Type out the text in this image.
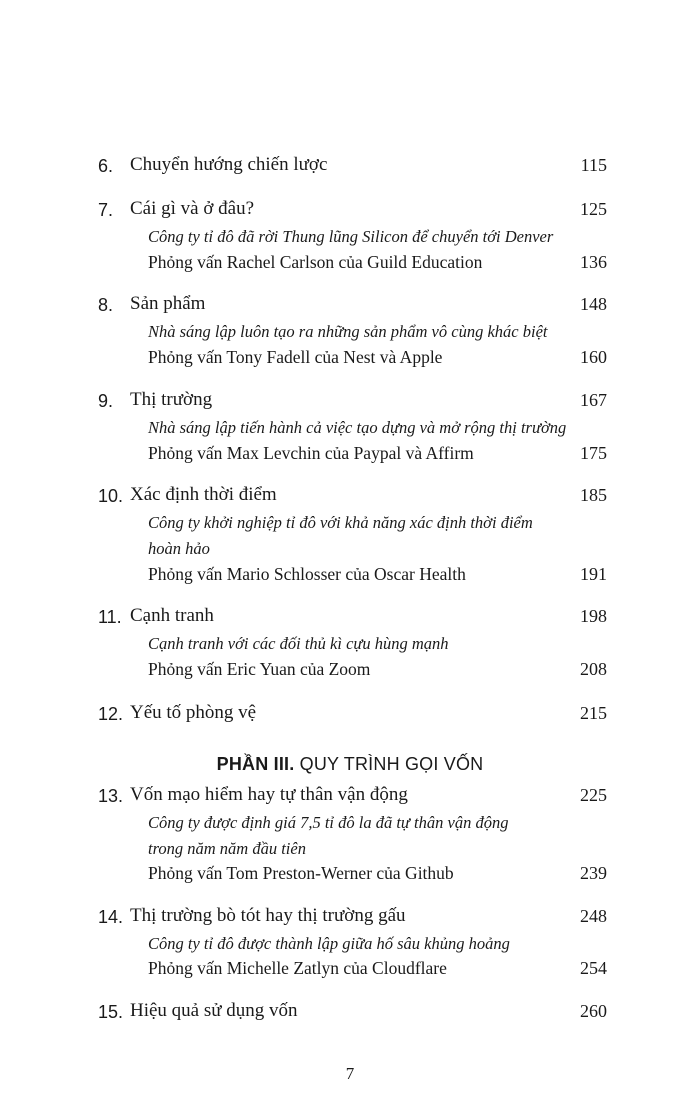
6. Chuyển hướng chiến lược	115
7. Cái gì và ở đâu?	125
Công ty tỉ đô đã rời Thung lũng Silicon để chuyển tới Denver
Phỏng vấn Rachel Carlson của Guild Education	136
8. Sản phẩm	148
Nhà sáng lập luôn tạo ra những sản phẩm vô cùng khác biệt
Phỏng vấn Tony Fadell của Nest và Apple	160
9. Thị trường	167
Nhà sáng lập tiến hành cả việc tạo dựng và mở rộng thị trường
Phỏng vấn Max Levchin của Paypal và Affirm	175
10. Xác định thời điểm	185
Công ty khởi nghiệp tỉ đô với khả năng xác định thời điểm
hoàn hảo
Phỏng vấn Mario Schlosser của Oscar Health	191
11. Cạnh tranh	198
Cạnh tranh với các đối thủ kì cựu hùng mạnh
Phỏng vấn Eric Yuan của Zoom	208
12. Yếu tố phòng vệ	215
PHẦN III. QUY TRÌNH GỌI VỐN
13. Vốn mạo hiểm hay tự thân vận động	225
Công ty được định giá 7,5 tỉ đô la đã tự thân vận động
trong năm năm đầu tiên
Phỏng vấn Tom Preston-Werner của Github	239
14. Thị trường bò tót hay thị trường gấu	248
Công ty tỉ đô được thành lập giữa hố sâu khủng hoảng
Phỏng vấn Michelle Zatlyn của Cloudflare	254
15. Hiệu quả sử dụng vốn	260
7
